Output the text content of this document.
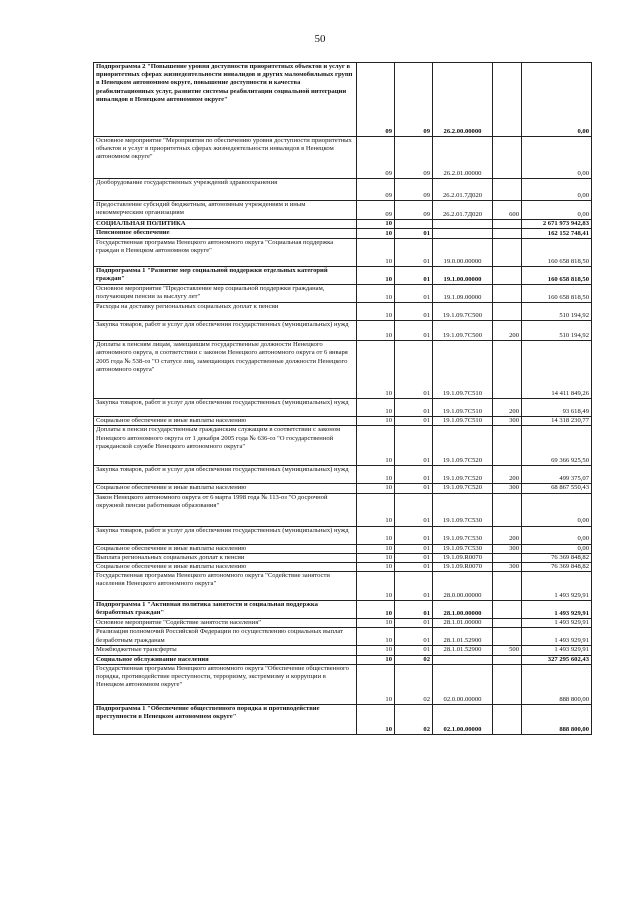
50
Подпрограмма 2 "Повышение уровня доступности приоритетных объектов и услуг в приоритетных сферах жизнедеятельности инвалидов и других маломобильных групп в Ненецком автономном округе, повышение доступности и качества реабилитационных услуг, развитие системы реабилитации социальной интеграции инвалидов в Ненецком автономном округе"	09	09	26.2.00.00000		0,00
Основное мероприятие "Мероприятия по обеспечению уровня доступности приоритетных объектов и услуг в приоритетных сферах жизнедеятельности инвалидов в Ненецком автономном округе"	09	09	26.2.01.00000		0,00
Дооборудование государственных учреждений здравоохранения	09	09	26.2.01.7Д020		0,00
Предоставление субсидий бюджетным, автономным учреждениям и иным некоммерческим организациям	09	09	26.2.01.7Д020	600	0,00
СОЦИАЛЬНАЯ ПОЛИТИКА	10				2 671 973 942,83
Пенсионное обеспечение	10	01			162 152 748,41
Государственная программа Ненецкого автономного округа "Социальная поддержка граждан в Ненецком автономном округе"	10	01	19.0.00.00000		160 658 818,50
Подпрограмма 1 "Развитие мер социальной поддержки отдельных категорий граждан"	10	01	19.1.00.00000		160 658 818,50
Основное мероприятие "Предоставление мер социальной поддержки гражданам, получающим пенсии за выслугу лет"	10	01	19.1.09.00000		160 658 818,50
Расходы на доставку региональных социальных доплат к пенсии	10	01	19.1.09.7С500		510 194,92
Закупка товаров, работ и услуг для обеспечения государственных (муниципальных) нужд	10	01	19.1.09.7С500	200	510 194,92
Доплаты к пенсиям лицам, замещавшим государственные должности Ненецкого автономного округа, в соответствии с законом Ненецкого автономного округа от 6 января 2005 года № 538-оз "О статусе лиц, замещающих государственные должности Ненецкого автономного округа"	10	01	19.1.09.7С510		14 411 849,26
Закупка товаров, работ и услуг для обеспечения государственных (муниципальных) нужд	10	01	19.1.09.7С510	200	93 618,49
Социальное обеспечение и иные выплаты населению	10	01	19.1.09.7С510	300	14 318 230,77
Доплаты к пенсии государственным гражданским служащим в соответствии с законом Ненецкого автономного округа от 1 декабря 2005 года № 636-оз "О государственной гражданской службе Ненецкого автономного округа"	10	01	19.1.09.7С520		69 366 925,50
Закупка товаров, работ и услуг для обеспечения государственных (муниципальных) нужд	10	01	19.1.09.7С520	200	499 375,07
Социальное обеспечение и иные выплаты населению	10	01	19.1.09.7С520	300	68 867 550,43
Закон Ненецкого автономного округа от 6 марта 1998 года № 113-оз "О досрочной окружной пенсии работникам образования"	10	01	19.1.09.7С530		0,00
Закупка товаров, работ и услуг для обеспечения государственных (муниципальных) нужд	10	01	19.1.09.7С530	200	0,00
Социальное обеспечение и иные выплаты населению	10	01	19.1.09.7С530	300	0,00
Выплата региональных социальных доплат к пенсии	10	01	19.1.09.R0070		76 369 848,82
Социальное обеспечение и иные выплаты населению	10	01	19.1.09.R0070	300	76 369 848,82
Государственная программа Ненецкого автономного округа "Содействие занятости населения Ненецкого автономного округа"	10	01	28.0.00.00000		1 493 929,91
Подпрограмма 1 "Активная политика занятости и социальная поддержка безработных граждан"	10	01	28.1.00.00000		1 493 929,91
Основное мероприятие "Содействие занятости населения"	10	01	28.1.01.00000		1 493 929,91
Реализация полномочий Российской Федерации по осуществлению социальных выплат безработным гражданам	10	01	28.1.01.52900		1 493 929,91
Межбюджетные трансферты	10	01	28.1.01.52900	500	1 493 929,91
Социальное обслуживание населения	10	02			327 295 602,43
Государственная программа Ненецкого автономного округа "Обеспечение общественного порядка, противодействие преступности, терроризму, экстремизму и коррупции в Ненецком автономном округе"	10	02	02.0.00.00000		888 800,00
Подпрограмма 1 "Обеспечение общественного порядка и противодействие преступности в Ненецком автономном округе"	10	02	02.1.00.00000		888 800,00
